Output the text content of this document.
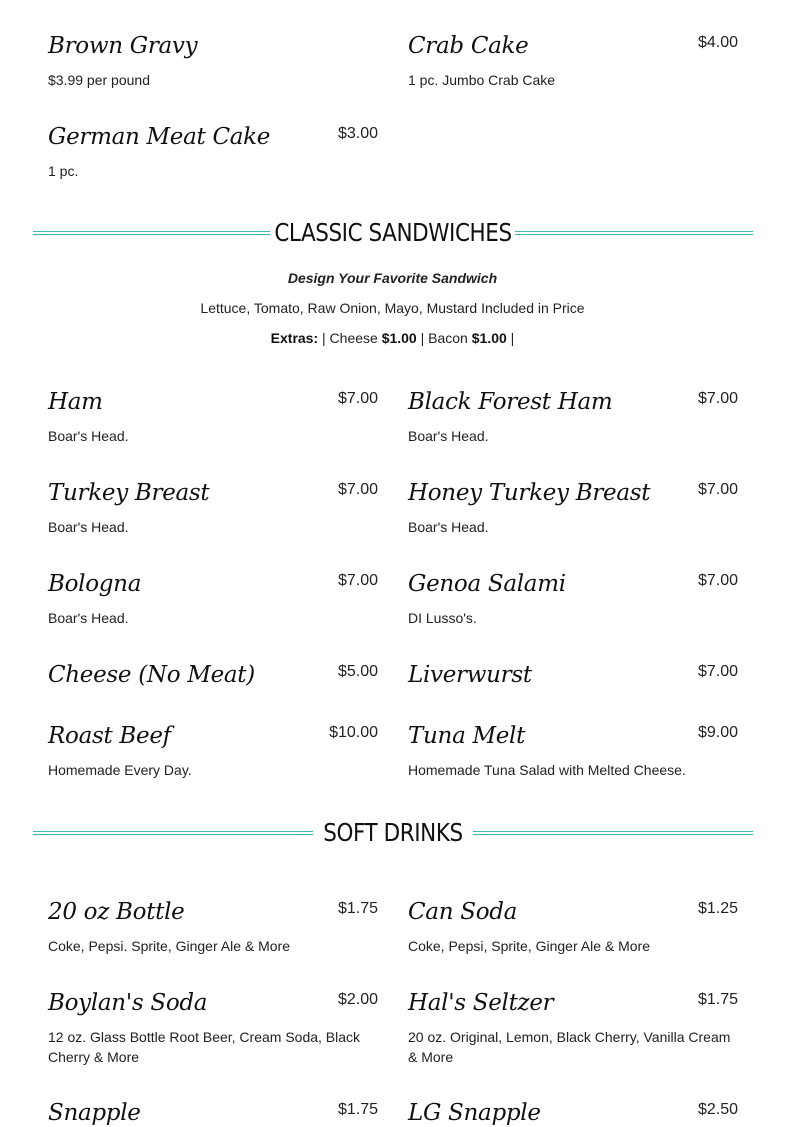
Brown Gravy
$3.99 per pound
Crab Cake	$4.00
1 pc. Jumbo Crab Cake
German Meat Cake	$3.00
1 pc.
CLASSIC SANDWICHES
Design Your Favorite Sandwich
Lettuce, Tomato, Raw Onion, Mayo, Mustard Included in Price
Extras: | Cheese $1.00 | Bacon $1.00 |
Ham	$7.00
Boar's Head.
Black Forest Ham	$7.00
Boar's Head.
Turkey Breast	$7.00
Boar's Head.
Honey Turkey Breast	$7.00
Boar's Head.
Bologna	$7.00
Boar's Head.
Genoa Salami	$7.00
DI Lusso's.
Cheese (No Meat)	$5.00 Liverwurst	$7.00
Roast Beef	$10.00
Homemade Every Day.
Tuna Melt	$9.00
Homemade Tuna Salad with Melted Cheese.
SOFT DRINKS
20 oz Bottle	$1.75
Coke, Pepsi. Sprite, Ginger Ale & More
Can Soda	$1.25
Coke, Pepsi, Sprite, Ginger Ale & More
Boylan's Soda	$2.00
12 oz. Glass Bottle Root Beer, Cream Soda, Black Cherry & More
Hal's Seltzer	$1.75
20 oz. Original, Lemon, Black Cherry, Vanilla Cream & More
Snapple	$1.75 LG Snapple	$2.50
